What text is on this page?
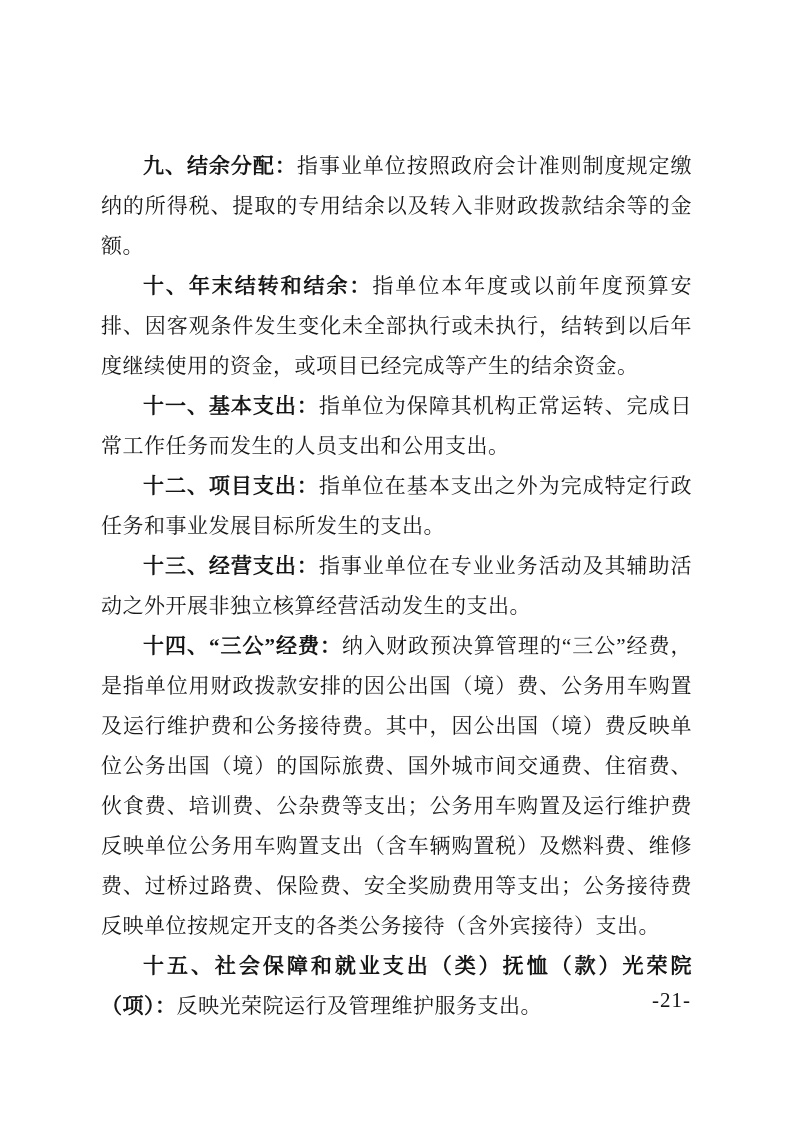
九、结余分配：指事业单位按照政府会计准则制度规定缴纳的所得税、提取的专用结余以及转入非财政拨款结余等的金额。

十、年末结转和结余：指单位本年度或以前年度预算安排、因客观条件发生变化未全部执行或未执行，结转到以后年度继续使用的资金，或项目已经完成等产生的结余资金。

十一、基本支出：指单位为保障其机构正常运转、完成日常工作任务而发生的人员支出和公用支出。

十二、项目支出：指单位在基本支出之外为完成特定行政任务和事业发展目标所发生的支出。

十三、经营支出：指事业单位在专业业务活动及其辅助活动之外开展非独立核算经营活动发生的支出。

十四、“三公”经费：纳入财政预决算管理的“三公”经费，是指单位用财政拨款安排的因公出国（境）费、公务用车购置及运行维护费和公务接待费。其中，因公出国（境）费反映单位公务出国（境）的国际旅费、国外城市间交通费、住宿费、伙食费、培训费、公杂费等支出；公务用车购置及运行维护费反映单位公务用车购置支出（含车辆购置税）及燃料费、维修费、过桥过路费、保险费、安全奖励费用等支出；公务接待费反映单位按规定开支的各类公务接待（含外宾接待）支出。

十五、社会保障和就业支出（类）抚恤（款）光荣院（项）：反映光荣院运行及管理维护服务支出。	-21-
